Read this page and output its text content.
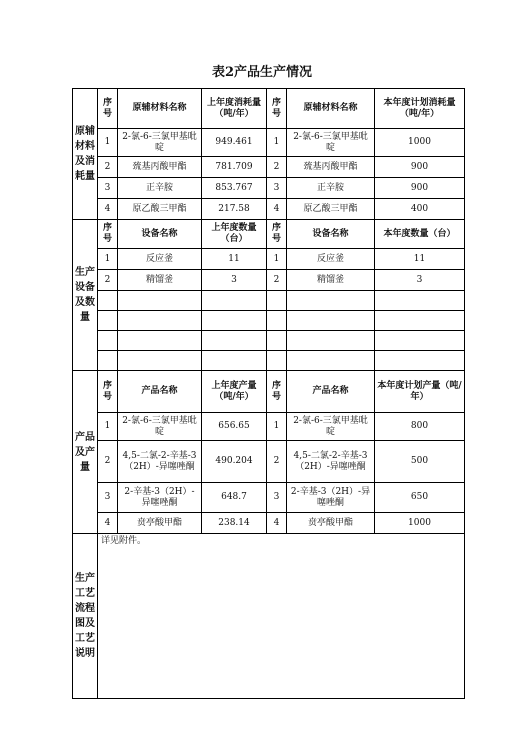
表2产品生产情况
原辅材料及消耗量	序号	原辅材料名称	上年度消耗量（吨/年）	序号	原辅材料名称	本年度计划消耗量（吨/年）
	1	2-氯-6-三氯甲基吡啶	949.461	1	2-氯-6-三氯甲基吡啶	1000
	2	巯基丙酸甲酯	781.709	2	巯基丙酸甲酯	900
	3	正辛胺	853.767	3	正辛胺	900
	4	原乙酸三甲酯	217.58	4	原乙酸三甲酯	400
生产设备及数量	序号	设备名称	上年度数量（台）	序号	设备名称	本年度数量（台）
	1	反应釜	11	1	反应釜	11
	2	精馏釜	3	2	精馏釜	3

产品及产量	序号	产品名称	上年度产量（吨/年）	序号	产品名称	本年度计划产量（吨/年）
	1	2-氯-6-三氯甲基吡啶	656.65	1	2-氯-6-三氯甲基吡啶	800
	2	4,5-二氯-2-辛基-3（2H）-异噻唑酮	490.204	2	4,5-二氯-2-辛基-3（2H）-异噻唑酮	500
	3	2-辛基-3（2H）-异噻唑酮	648.7	3	2-辛基-3（2H）-异噻唑酮	650
	4	贲亭酸甲酯	238.14	4	贲亭酸甲酯	1000
生产工艺流程图及工艺说明	详见附件。					
